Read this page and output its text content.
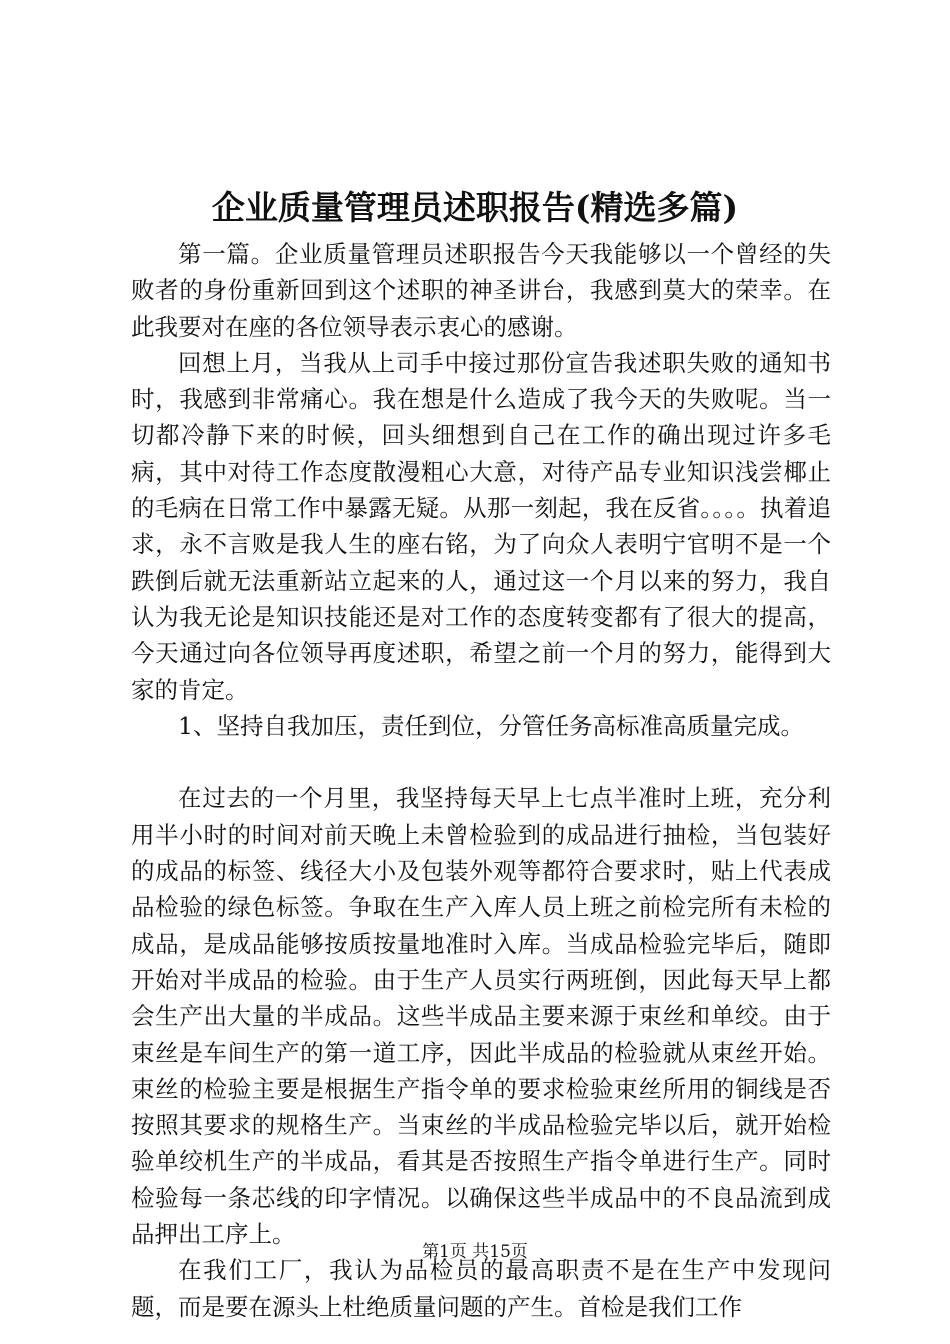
企业质量管理员述职报告(精选多篇)

第一篇。企业质量管理员述职报告今天我能够以一个曾经的失败者的身份重新回到这个述职的神圣讲台，我感到莫大的荣幸。在此我要对在座的各位领导表示衷心的感谢。

回想上月，当我从上司手中接过那份宣告我述职失败的通知书时，我感到非常痛心。我在想是什么造成了我今天的失败呢。当一切都冷静下来的时候，回头细想到自己在工作的确出现过许多毛病，其中对待工作态度散漫粗心大意，对待产品专业知识浅尝椰止的毛病在日常工作中暴露无疑。从那一刻起，我在反省。。。。执着追求，永不言败是我人生的座右铭，为了向众人表明宁官明不是一个跌倒后就无法重新站立起来的人，通过这一个月以来的努力，我自认为我无论是知识技能还是对工作的态度转变都有了很大的提高，今天通过向各位领导再度述职，希望之前一个月的努力，能得到大家的肯定。

1、坚持自我加压，责任到位，分管任务高标准高质量完成。

在过去的一个月里，我坚持每天早上七点半准时上班，充分利用半小时的时间对前天晚上未曾检验到的成品进行抽检，当包装好的成品的标签、线径大小及包装外观等都符合要求时，贴上代表成品检验的绿色标签。争取在生产入库人员上班之前检完所有未检的成品，是成品能够按质按量地准时入库。当成品检验完毕后，随即开始对半成品的检验。由于生产人员实行两班倒，因此每天早上都会生产出大量的半成品。这些半成品主要来源于束丝和单绞。由于束丝是车间生产的第一道工序，因此半成品的检验就从束丝开始。束丝的检验主要是根据生产指令单的要求检验束丝所用的铜线是否按照其要求的规格生产。当束丝的半成品检验完毕以后，就开始检验单绞机生产的半成品，看其是否按照生产指令单进行生产。同时检验每一条芯线的印字情况。以确保这些半成品中的不良品流到成品押出工序上。

在我们工厂，我认为品检员的最高职责不是在生产中发现问题，而是要在源头上杜绝质量问题的产生。首检是我们工作

第1页 共15页
